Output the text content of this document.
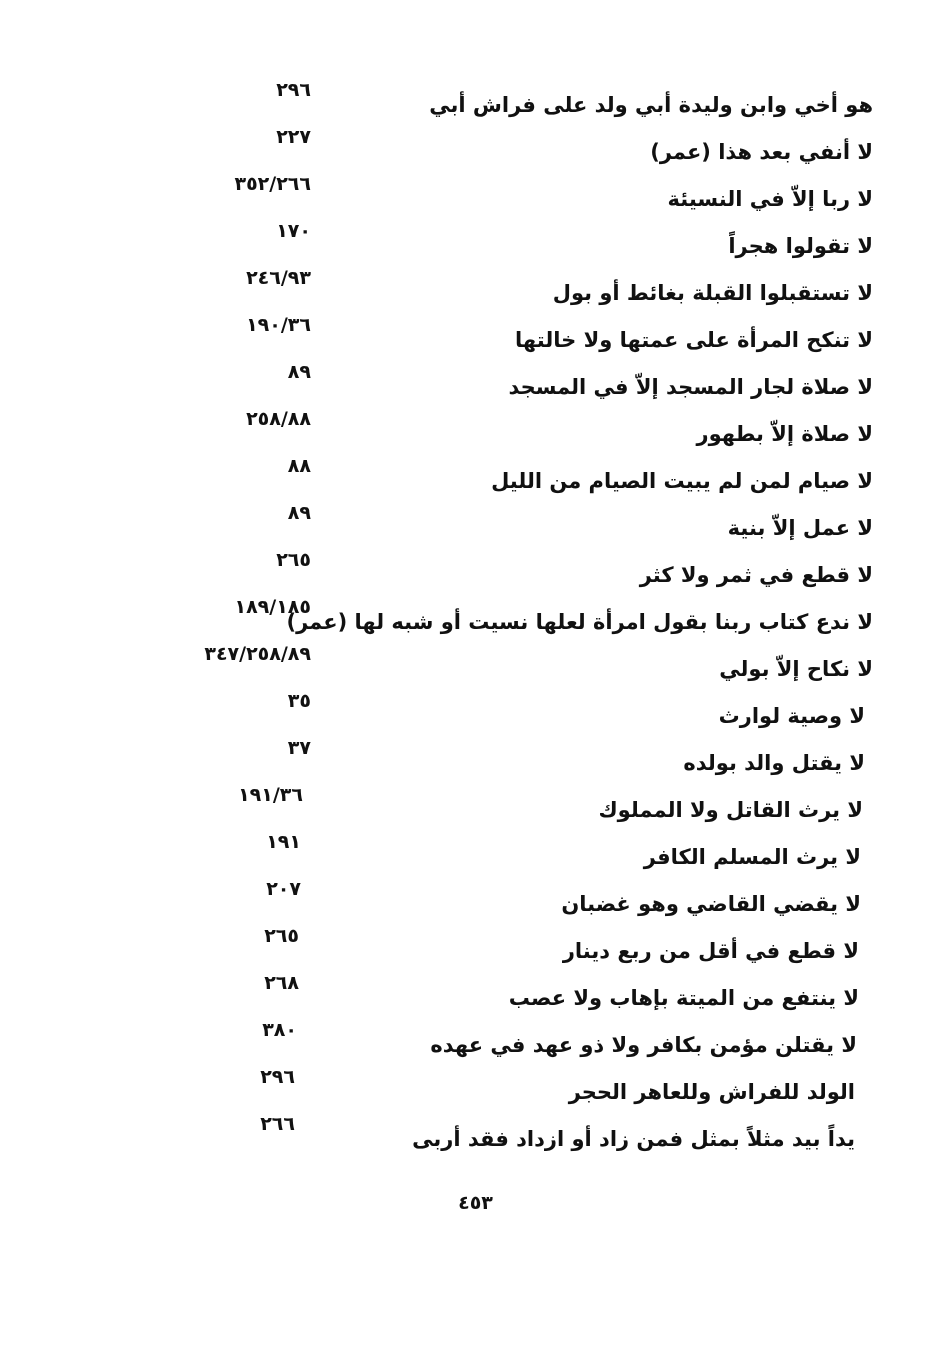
هو أخي وابن وليدة أبي ولد على فراش أبي
٢٩٦
لا أنفي بعد هذا (عمر)
٢٢٧
لا ربا إلاّ في النسيئة
٣٥٢/٢٦٦
لا تقولوا هجراً
١٧٠
لا تستقبلوا القبلة بغائط أو بول
٢٤٦/٩٣
لا تنكح المرأة على عمتها ولا خالتها
١٩٠/٣٦
لا صلاة لجار المسجد إلاّ في المسجد
٨٩
لا صلاة إلاّ بطهور
٢٥٨/٨٨
لا صيام لمن لم يبيت الصيام من الليل
٨٨
لا عمل إلاّ بنية
٨٩
لا قطع في ثمر ولا كثر
٢٦٥
لا ندع كتاب ربنا بقول امرأة لعلها نسيت أو شبه لها (عمر)
١٨٩/١٨٥
لا نكاح إلاّ بولي
٣٤٧/٢٥٨/٨٩
لا وصية لوارث
٣٥
لا يقتل والد بولده
٣٧
لا يرث القاتل ولا المملوك
١٩١/٣٦
لا يرث المسلم الكافر
١٩١
لا يقضي القاضي وهو غضبان
٢٠٧
لا قطع في أقل من ربع دينار
٢٦٥
لا ينتفع من الميتة بإهاب ولا عصب
٢٦٨
لا يقتلن مؤمن بكافر ولا ذو عهد في عهده
٣٨٠
الولد للفراش وللعاهر الحجر
٢٩٦
يداً بيد مثلاً بمثل فمن زاد أو ازداد فقد أربى
٢٦٦
٤٥٣
